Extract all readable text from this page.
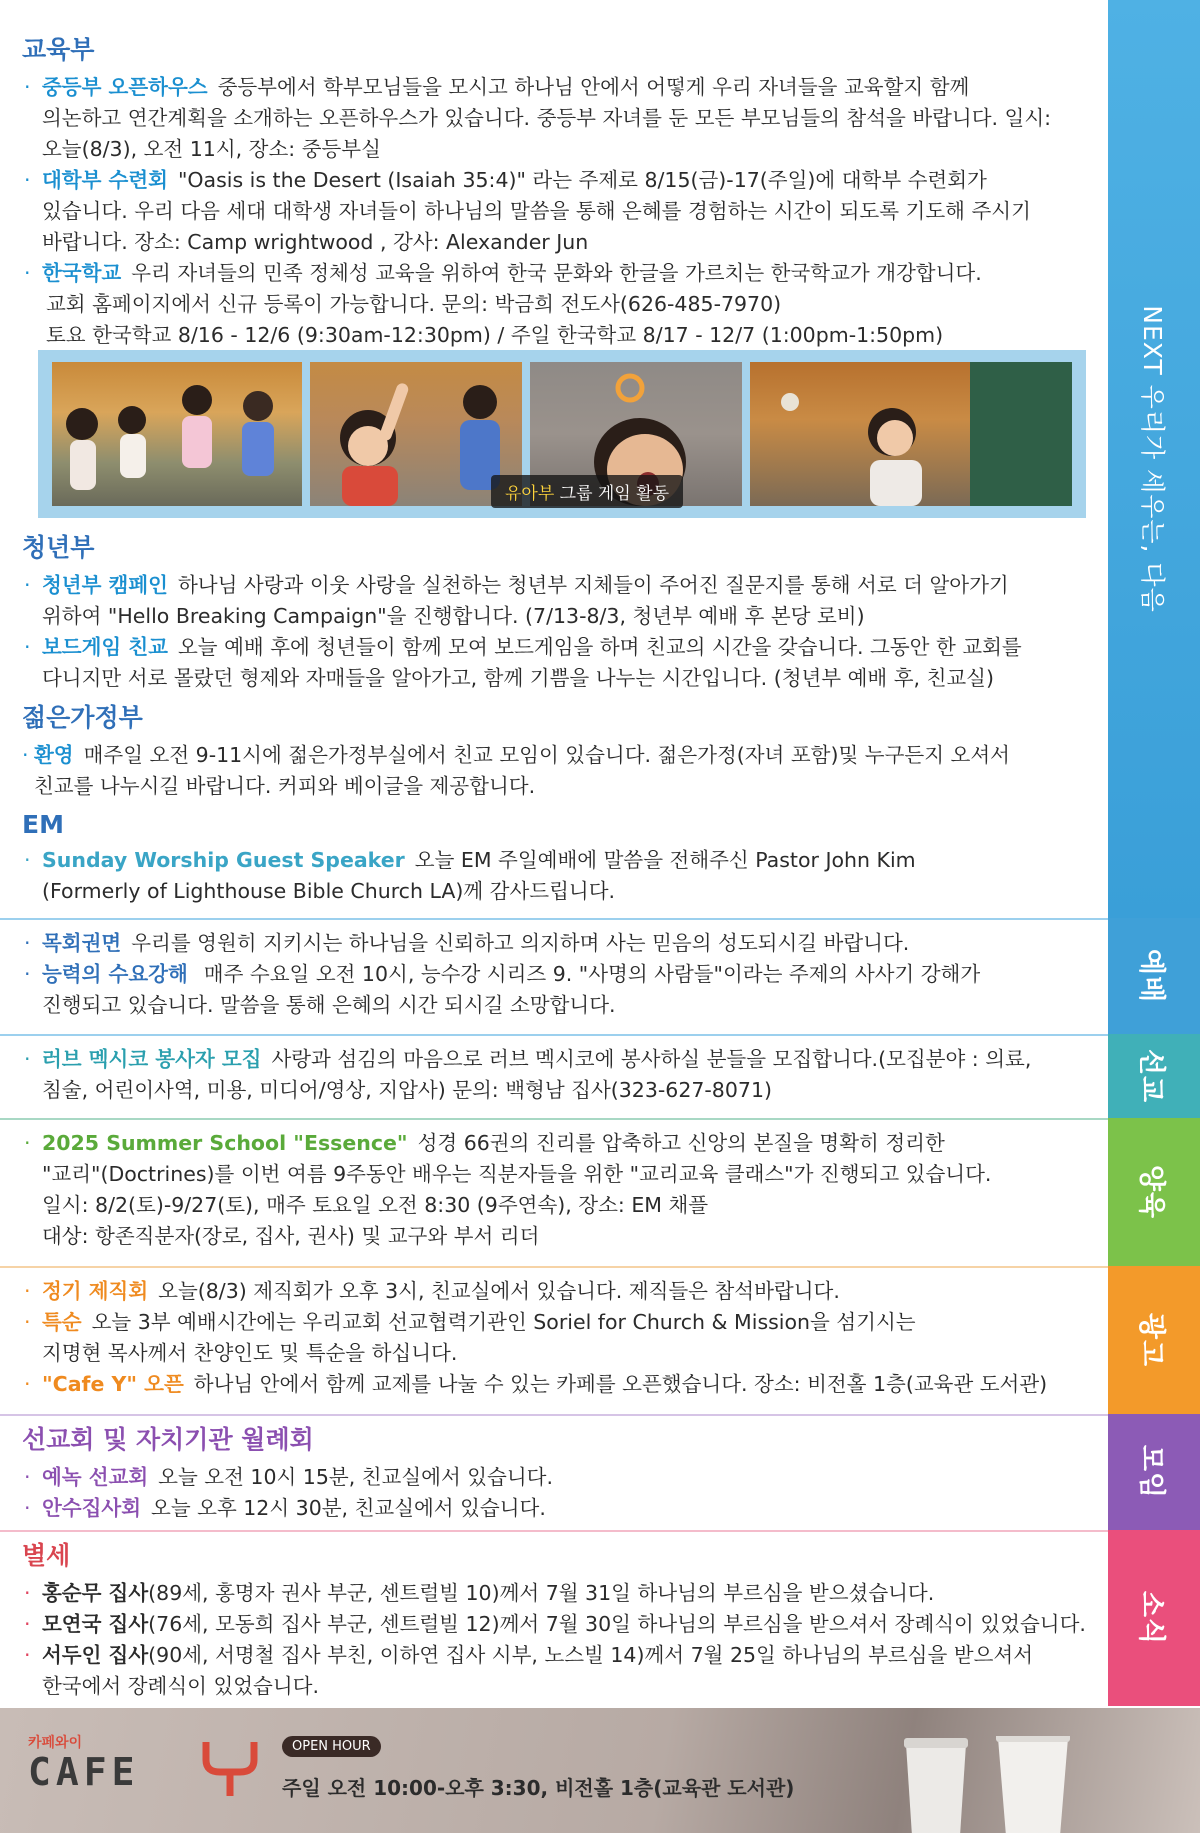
교육부
· 중등부 오픈하우스 중등부에서 학부모님들을 모시고 하나님 안에서 어떻게 우리 자녀들을 교육할지 함께
의논하고 연간계획을 소개하는 오픈하우스가 있습니다. 중등부 자녀를 둔 모든 부모님들의 참석을 바랍니다. 일시:
오늘(8/3), 오전 11시, 장소: 중등부실
· 대학부 수련회 "Oasis is the Desert (Isaiah 35:4)" 라는 주제로 8/15(금)-17(주일)에 대학부 수련회가
있습니다. 우리 다음 세대 대학생 자녀들이 하나님의 말씀을 통해 은혜를 경험하는 시간이 되도록 기도해 주시기
바랍니다. 장소: Camp wrightwood , 강사: Alexander Jun
· 한국학교 우리 자녀들의 민족 정체성 교육을 위하여 한국 문화와 한글을 가르치는 한국학교가 개강합니다.
교회 홈페이지에서 신규 등록이 가능합니다. 문의: 박금희 전도사(626-485-7970)
토요 한국학교 8/16 - 12/6 (9:30am-12:30pm) / 주일 한국학교 8/17 - 12/7 (1:00pm-1:50pm)
유아부 그룹 게임 활동
청년부
· 청년부 캠페인 하나님 사랑과 이웃 사랑을 실천하는 청년부 지체들이 주어진 질문지를 통해 서로 더 알아가기
위하여 "Hello Breaking Campaign"을 진행합니다. (7/13-8/3, 청년부 예배 후 본당 로비)
· 보드게임 친교 오늘 예배 후에 청년들이 함께 모여 보드게임을 하며 친교의 시간을 갖습니다. 그동안 한 교회를
다니지만 서로 몰랐던 형제와 자매들을 알아가고, 함께 기쁨을 나누는 시간입니다. (청년부 예배 후, 친교실)
젊은가정부
· 환영 매주일 오전 9-11시에 젊은가정부실에서 친교 모임이 있습니다. 젊은가정(자녀 포함)및 누구든지 오셔서
친교를 나누시길 바랍니다. 커피와 베이글을 제공합니다.
EM
· Sunday Worship Guest Speaker 오늘 EM 주일예배에 말씀을 전해주신 Pastor John Kim
(Formerly of Lighthouse Bible Church LA)께 감사드립니다.
· 목회권면 우리를 영원히 지키시는 하나님을 신뢰하고 의지하며 사는 믿음의 성도되시길 바랍니다.
· 능력의 수요강해 매주 수요일 오전 10시, 능수강 시리즈 9. "사명의 사람들"이라는 주제의 사사기 강해가
진행되고 있습니다. 말씀을 통해 은혜의 시간 되시길 소망합니다.
· 러브 멕시코 봉사자 모집 사랑과 섬김의 마음으로 러브 멕시코에 봉사하실 분들을 모집합니다.(모집분야 : 의료,
침술, 어린이사역, 미용, 미디어/영상, 지압사) 문의: 백형남 집사(323-627-8071)
· 2025 Summer School "Essence" 성경 66권의 진리를 압축하고 신앙의 본질을 명확히 정리한
"교리"(Doctrines)를 이번 여름 9주동안 배우는 직분자들을 위한 "교리교육 클래스"가 진행되고 있습니다.
일시: 8/2(토)-9/27(토), 매주 토요일 오전 8:30 (9주연속), 장소: EM 채플
대상: 항존직분자(장로, 집사, 권사) 및 교구와 부서 리더
· 정기 제직회 오늘(8/3) 제직회가 오후 3시, 친교실에서 있습니다. 제직들은 참석바랍니다.
· 특순 오늘 3부 예배시간에는 우리교회 선교협력기관인 Soriel for Church & Mission을 섬기시는
지명현 목사께서 찬양인도 및 특순을 하십니다.
· "Cafe Y" 오픈 하나님 안에서 함께 교제를 나눌 수 있는 카페를 오픈했습니다. 장소: 비전홀 1층(교육관 도서관)
선교회 및 자치기관 월례회
· 예녹 선교회 오늘 오전 10시 15분, 친교실에서 있습니다.
· 안수집사회 오늘 오후 12시 30분, 친교실에서 있습니다.
별세
· 홍순무 집사(89세, 홍명자 권사 부군, 센트럴빌 10)께서 7월 31일 하나님의 부르심을 받으셨습니다.
· 모연국 집사(76세, 모동희 집사 부군, 센트럴빌 12)께서 7월 30일 하나님의 부르심을 받으셔서 장례식이 있었습니다.
· 서두인 집사(90세, 서명철 집사 부친, 이하연 집사 시부, 노스빌 14)께서 7월 25일 하나님의 부르심을 받으셔서
한국에서 장례식이 있었습니다.
NEXT 우리가 세우는, 다음
예배
선교
양육
광고
모임
소식
카페와이
CAFE
OPEN HOUR
주일 오전 10:00-오후 3:30, 비전홀 1층(교육관 도서관)
